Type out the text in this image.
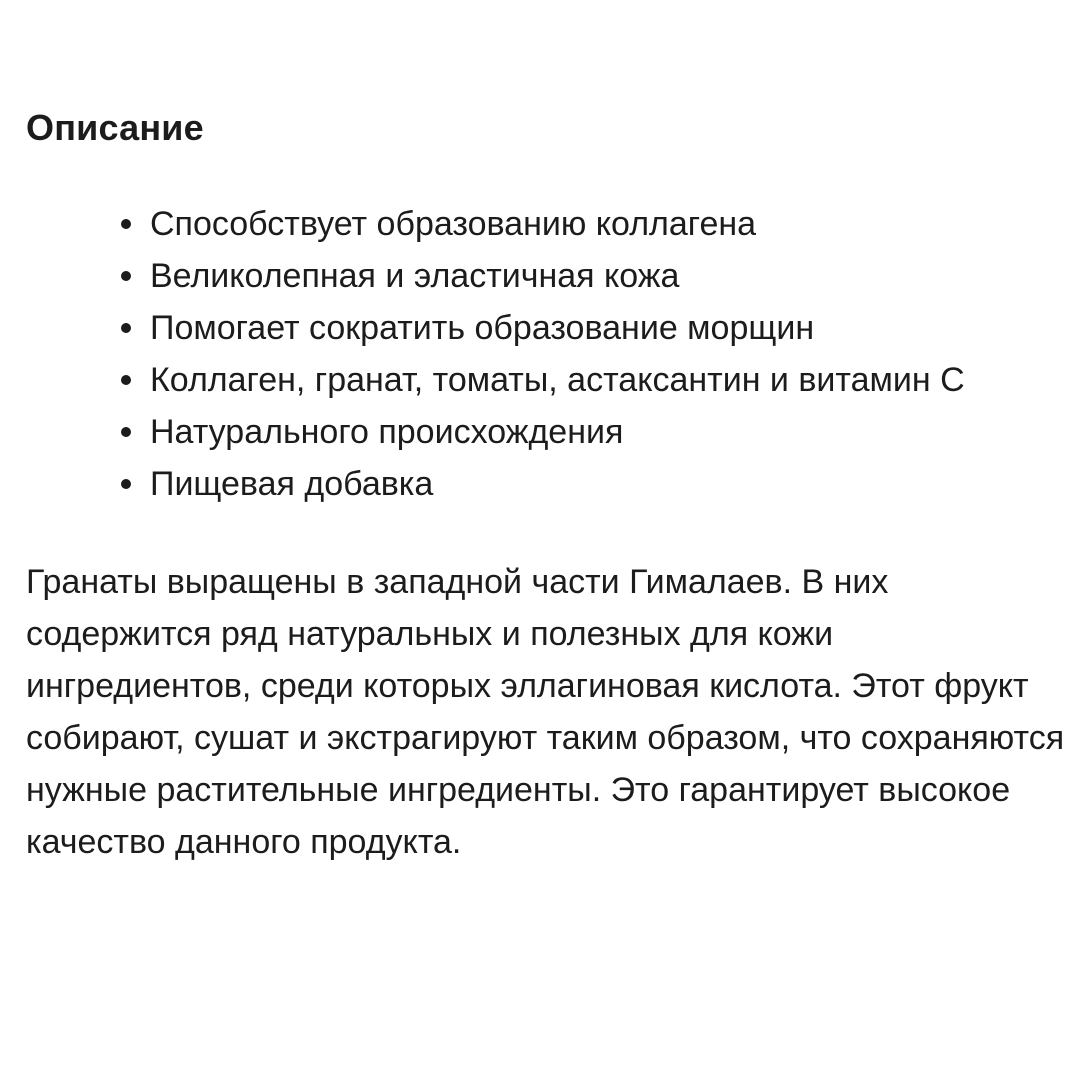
Описание
Способствует образованию коллагена
Великолепная и эластичная кожа
Помогает сократить образование морщин
Коллаген, гранат, томаты, астаксантин и витамин С
Натурального происхождения
Пищевая добавка

Гранаты выращены в западной части Гималаев. В них содержится ряд натуральных и полезных для кожи ингредиентов, среди которых эллагиновая кислота. Этот фрукт собирают, сушат и экстрагируют таким образом, что сохраняются нужные растительные ингредиенты. Это гарантирует высокое качество данного продукта.
